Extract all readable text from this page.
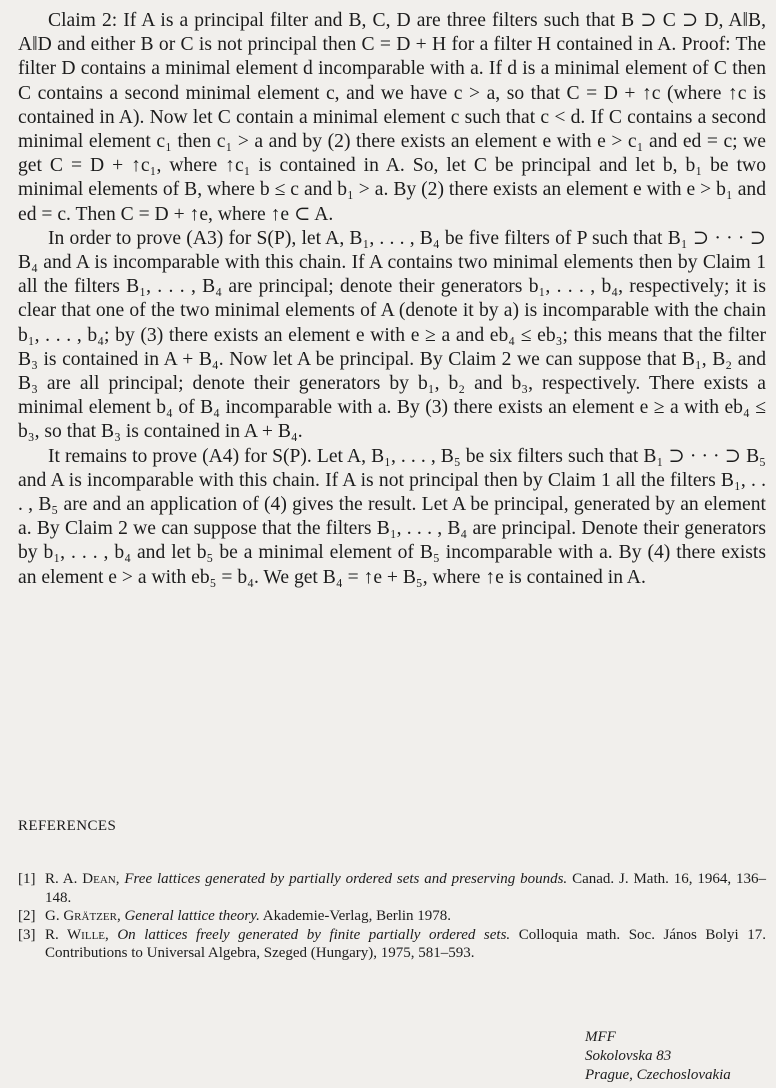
Claim 2: If A is a principal filter and B, C, D are three filters such that B ⊃ C ⊃ D, A‖B, A‖D and either B or C is not principal then C = D + H for a filter H contained in A. Proof: The filter D contains a minimal element d incomparable with a. If d is a minimal element of C then C contains a second minimal element c, and we have c > a, so that C = D + ↑c (where ↑c is contained in A). Now let C contain a minimal element c such that c < d. If C contains a second minimal element c₁ then c₁ > a and by (2) there exists an element e with e > c₁ and ed = c; we get C = D + ↑c₁, where ↑c₁ is contained in A. So, let C be principal and let b, b₁ be two minimal elements of B, where b ≤ c and b₁ > a. By (2) there exists an element e with e > b₁ and ed = c. Then C = D + ↑e, where ↑e ⊂ A.

In order to prove (A3) for S(P), let A, B₁, . . . , B₄ be five filters of P such that B₁ ⊃ · · · ⊃ B₄ and A is incomparable with this chain. If A contains two minimal elements then by Claim 1 all the filters B₁, . . . , B₄ are principal; denote their generators b₁, . . . , b₄, respectively; it is clear that one of the two minimal elements of A (denote it by a) is incomparable with the chain b₁, . . . , b₄; by (3) there exists an element e with e ≥ a and eb₄ ≤ eb₃; this means that the filter B₃ is contained in A + B₄. Now let A be principal. By Claim 2 we can suppose that B₁, B₂ and B₃ are all principal; denote their generators by b₁, b₂ and b₃, respectively. There exists a minimal element b₄ of B₄ incomparable with a. By (3) there exists an element e ≥ a with eb₄ ≤ b₃, so that B₃ is contained in A + B₄.

It remains to prove (A4) for S(P). Let A, B₁, . . . , B₅ be six filters such that B₁ ⊃ · · · ⊃ B₅ and A is incomparable with this chain. If A is not principal then by Claim 1 all the filters B₁, . . . , B₅ are and an application of (4) gives the result. Let A be principal, generated by an element a. By Claim 2 we can suppose that the filters B₁, . . . , B₄ are principal. Denote their generators by b₁, . . . , b₄ and let b₅ be a minimal element of B₅ incomparable with a. By (4) there exists an element e > a with eb₅ = b₄. We get B₄ = ↑e + B₅, where ↑e is contained in A.

REFERENCES

[1] R. A. Dean, Free lattices generated by partially ordered sets and preserving bounds. Canad. J. Math. 16, 1964, 136–148.
[2] G. Grätzer, General lattice theory. Akademie-Verlag, Berlin 1978.
[3] R. Wille, On lattices freely generated by finite partially ordered sets. Colloquia math. Soc. János Bolyi 17. Contributions to Universal Algebra, Szeged (Hungary), 1975, 581–593.
MFF
Sokolovska 83
Prague, Czechoslovakia
